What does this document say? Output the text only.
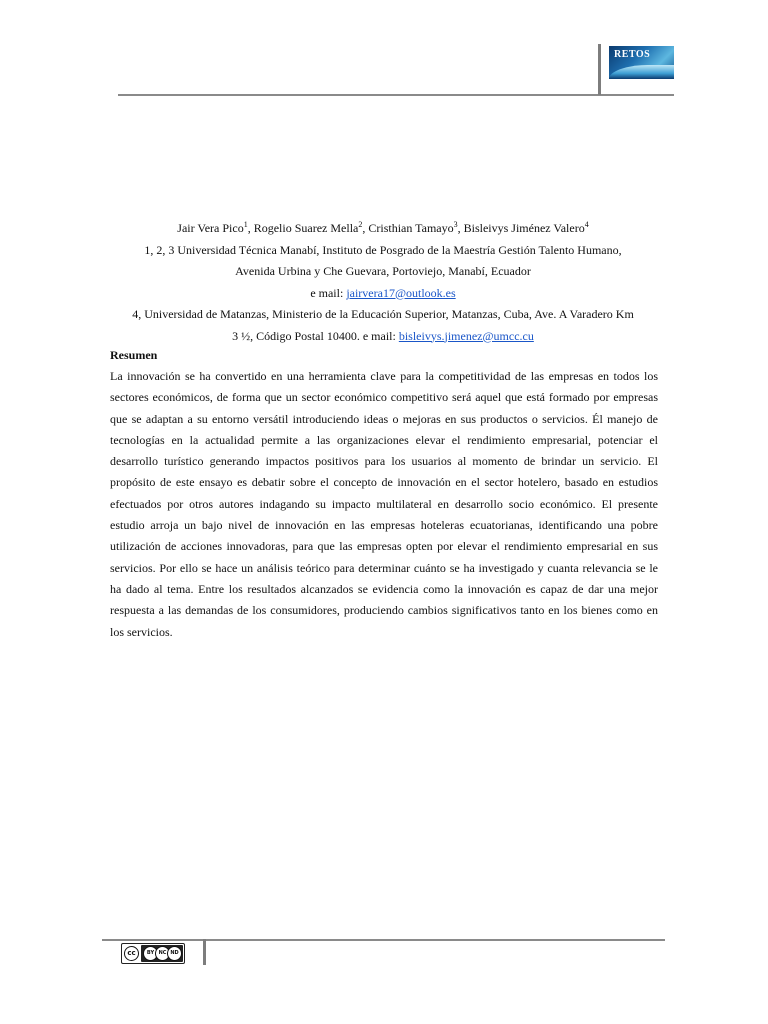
RETOS
Jair Vera Pico$^1$, Rogelio Suarez Mella$^2$, Cristhian Tamayo$^3$, Bisleivys Jiménez Valero$^4$
1, 2, 3 Universidad Técnica Manabí, Instituto de Posgrado de la Maestría Gestión Talento Humano,
Avenida Urbina y Che Guevara, Portoviejo, Manabí, Ecuador
e mail: jairvera17@outlook.es
4, Universidad de Matanzas, Ministerio de la Educación Superior, Matanzas, Cuba, Ave. A Varadero Km
3 ½, Código Postal 10400. e mail: bisleivys.jimenez@umcc.cu
Resumen

La innovación se ha convertido en una herramienta clave para la competitividad de las empresas en todos los sectores económicos, de forma que un sector económico competitivo será aquel que está formado por empresas que se adaptan a su entorno versátil introduciendo ideas o mejoras en sus productos o servicios. Él manejo de tecnologías en la actualidad permite a las organizaciones elevar el rendimiento empresarial, potenciar el desarrollo turístico generando impactos positivos para los usuarios al momento de brindar un servicio. El propósito de este ensayo es debatir sobre el concepto de innovación en el sector hotelero, basado en estudios efectuados por otros autores indagando su impacto multilateral en desarrollo socio económico. El presente estudio arroja un bajo nivel de innovación en las empresas hoteleras ecuatorianas, identificando una pobre utilización de acciones innovadoras, para que las empresas opten por elevar el rendimiento empresarial en sus servicios. Por ello se hace un análisis teórico para determinar cuánto se ha investigado y cuanta relevancia se le ha dado al tema. Entre los resultados alcanzados se evidencia como la innovación es capaz de dar una mejor respuesta a las demandas de los consumidores, produciendo cambios significativos tanto en los bienes como en los servicios.

cc	BY NC ND
